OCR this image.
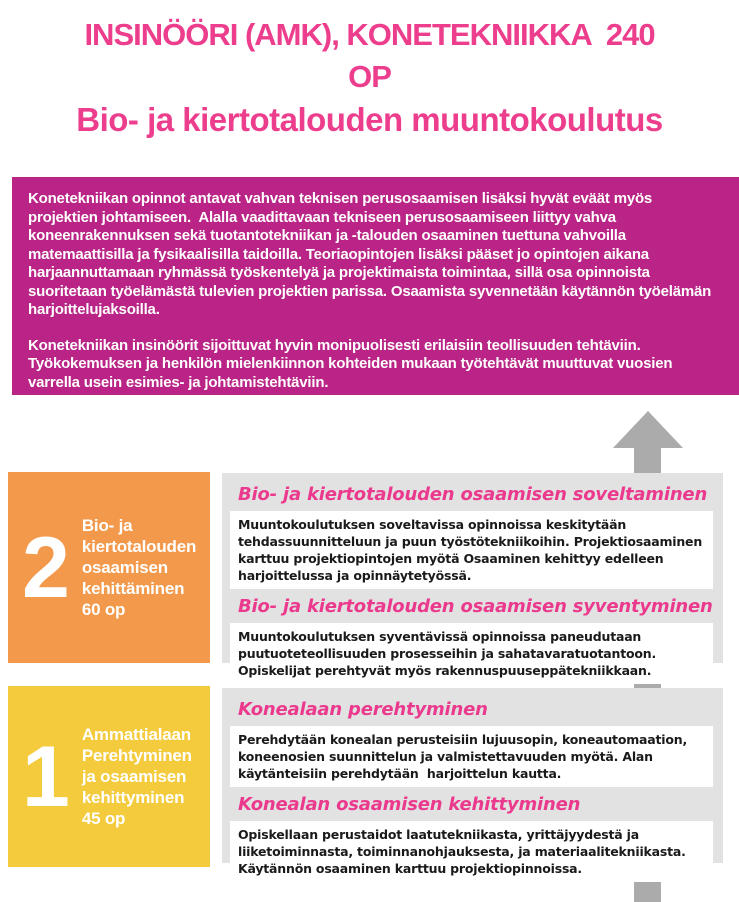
INSINÖÖRI (AMK), KONETEKNIIKKA  240
OP
Bio- ja kiertotalouden muuntokoulutus

Konetekniikan opinnot antavat vahvan teknisen perusosaamisen lisäksi hyvät eväät myös projektien johtamiseen.  Alalla vaadittavaan tekniseen perusosaamiseen liittyy vahva koneenrakennuksen sekä tuotantotekniikan ja -talouden osaaminen tuettuna vahvoilla matemaattisilla ja fysikaalisilla taidoilla. Teoriaopintojen lisäksi pääset jo opintojen aikana harjaannuttamaan ryhmässä työskentelyä ja projektimaista toimintaa, sillä osa opinnoista suoritetaan työelämästä tulevien projektien parissa. Osaamista syvennetään käytännön työelämän harjoittelujaksoilla.

Konetekniikan insinöörit sijoittuvat hyvin monipuolisesti erilaisiin teollisuuden tehtäviin. Työkokemuksen ja henkilön mielenkiinnon kohteiden mukaan työtehtävät muuttuvat vuosien varrella usein esimies- ja johtamistehtäviin.

2 Bio- ja kiertotalouden osaamisen kehittäminen 60 op
Bio- ja kiertotalouden osaamisen soveltaminen
Muuntokoulutuksen soveltavissa opinnoissa keskitytään tehdassuunnitteluun ja puun työstötekniikoihin. Projektiosaaminen karttuu projektiopintojen myötä Osaaminen kehittyy edelleen harjoittelussa ja opinnäytetyössä.
Bio- ja kiertotalouden osaamisen syventyminen
Muuntokoulutuksen syventävissä opinnoissa paneudutaan puutuoteteollisuuden prosesseihin ja sahatavaratuotantoon. Opiskelijat perehtyvät myös rakennuspuuseppätekniikkaan.
1 Ammattialaan Perehtyminen ja osaamisen kehittyminen 45 op
Konealaan perehtyminen
Perehdytään konealan perusteisiin lujuusopin, koneautomaation, koneenosien suunnittelun ja valmistettavuuden myötä. Alan käytänteisiin perehdytään  harjoittelun kautta.
Konealan osaamisen kehittyminen
Opiskellaan perustaidot laatutekniikasta, yrittäjyydestä ja liiketoiminnasta, toiminnanohjauksesta, ja materiaalitekniikasta. Käytännön osaaminen karttuu projektiopinnoissa.
